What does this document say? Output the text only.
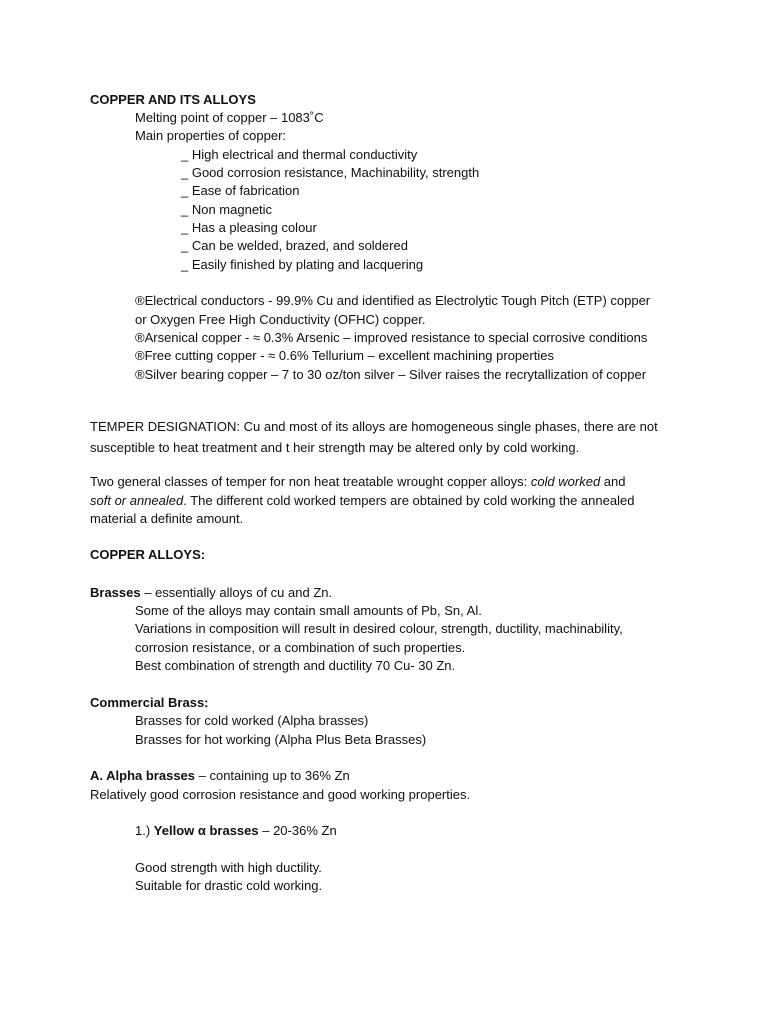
COPPER AND ITS ALLOYS
Melting point of copper – 1083˚C
Main properties of copper:
_ High electrical and thermal conductivity
_ Good corrosion resistance, Machinability, strength
_ Ease of fabrication
_ Non magnetic
_ Has a pleasing colour
_ Can be welded, brazed, and soldered
_ Easily finished by plating and lacquering
®Electrical conductors - 99.9% Cu and identified as Electrolytic Tough Pitch (ETP) copper
or Oxygen Free High Conductivity (OFHC) copper.
®Arsenical copper - ≈ 0.3% Arsenic – improved resistance to special corrosive conditions
®Free cutting copper - ≈ 0.6% Tellurium – excellent machining properties
®Silver bearing copper – 7 to 30 oz/ton silver – Silver raises the recrytallization of copper
TEMPER DESIGNATION: Cu and most of its alloys are homogeneous single phases, there are not
susceptible to heat treatment and t heir strength may be altered only by cold working.
Two general classes of temper for non heat treatable wrought copper alloys: cold worked and
soft or annealed. The different cold worked tempers are obtained by cold working the annealed
material a definite amount.
COPPER ALLOYS:
Brasses – essentially alloys of cu and Zn.
Some of the alloys may contain small amounts of Pb, Sn, Al.
Variations in composition will result in desired colour, strength, ductility, machinability,
corrosion resistance, or a combination of such properties.
Best combination of strength and ductility 70 Cu- 30 Zn.
Commercial Brass:
Brasses for cold worked (Alpha brasses)
Brasses for hot working (Alpha Plus Beta Brasses)
A. Alpha brasses – containing up to 36% Zn
Relatively good corrosion resistance and good working properties.
1.) Yellow α brasses – 20-36% Zn
Good strength with high ductility.
Suitable for drastic cold working.
